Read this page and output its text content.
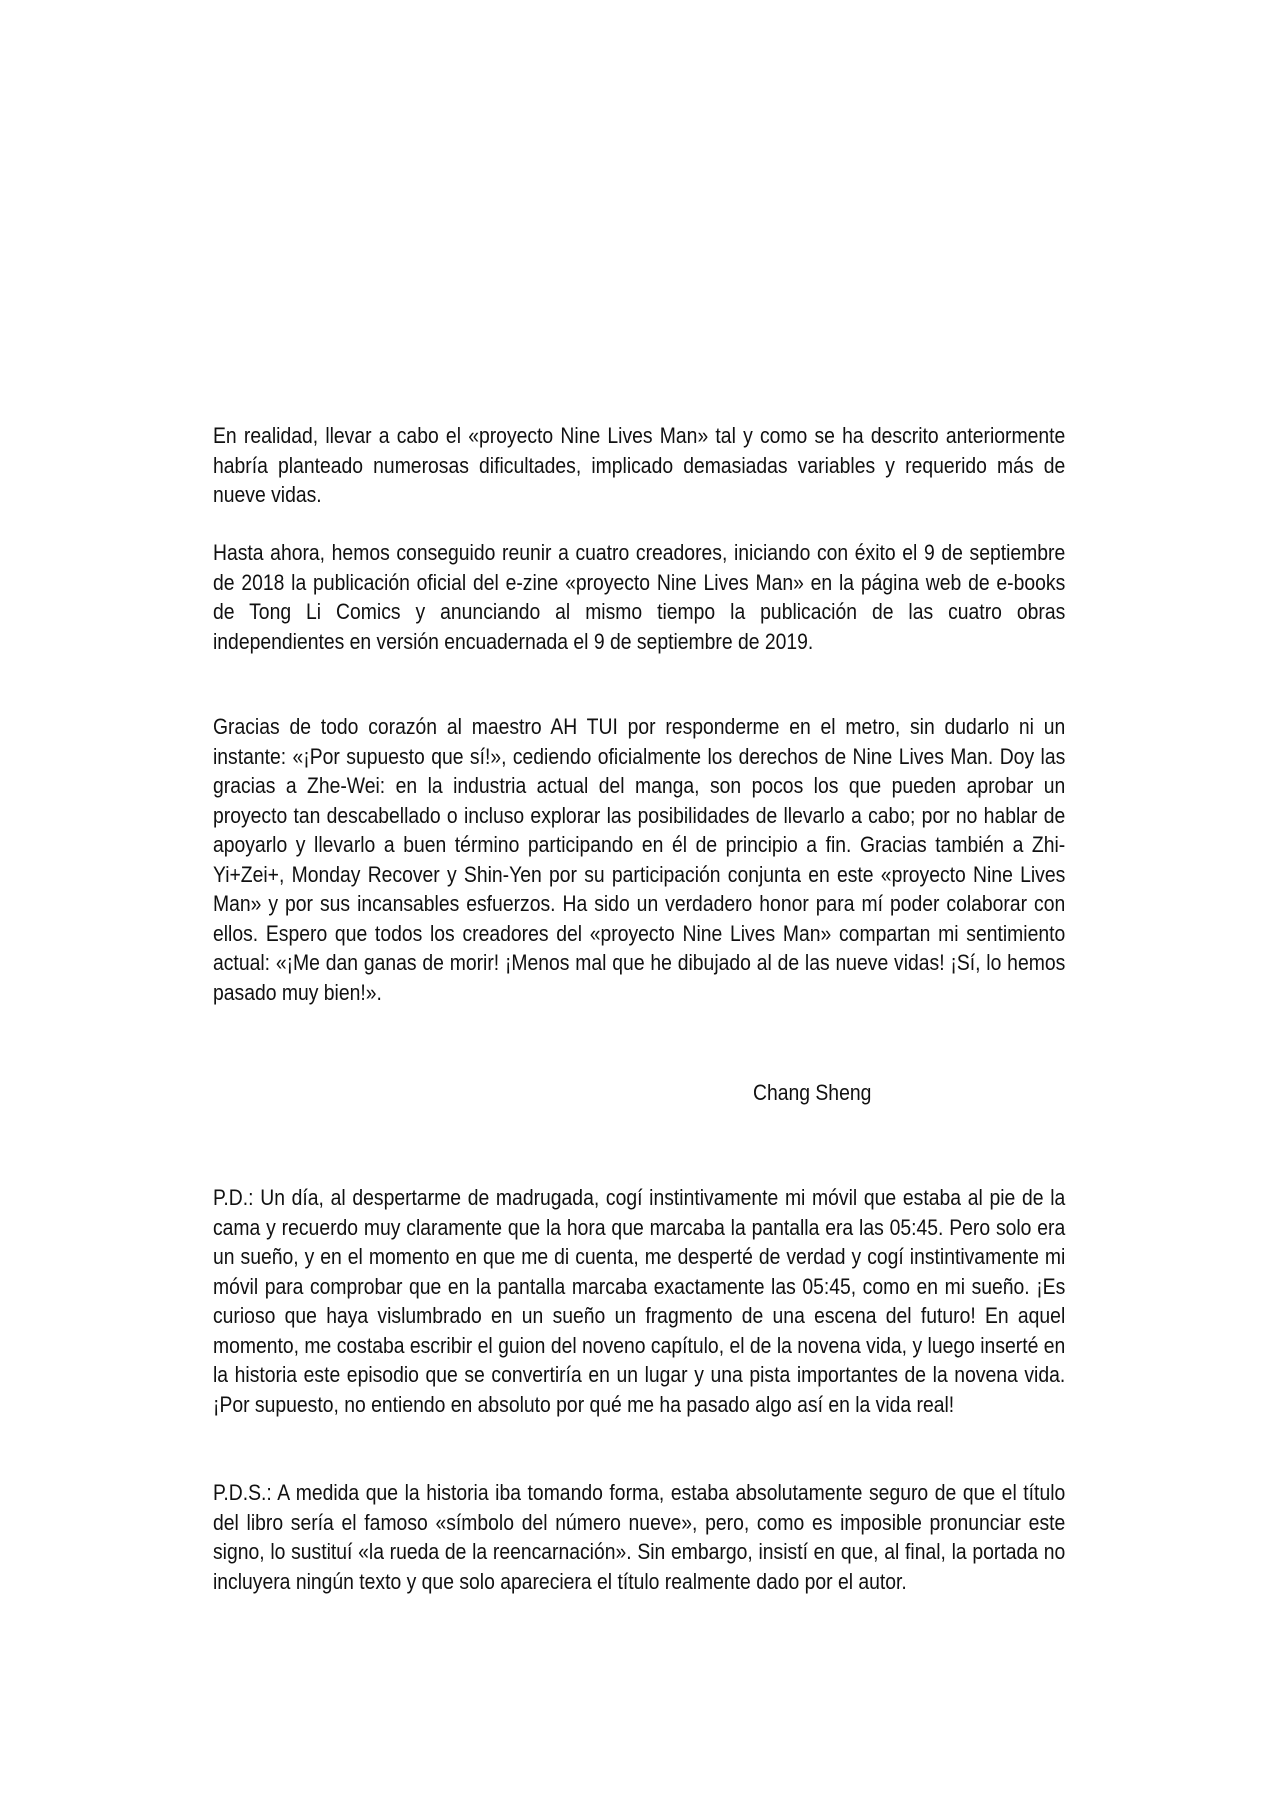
En realidad, llevar a cabo el «proyecto Nine Lives Man» tal y como se ha descrito anteriormente habría planteado numerosas dificultades, implicado demasiadas variables y requerido más de nueve vidas.

Hasta ahora, hemos conseguido reunir a cuatro creadores, iniciando con éxito el 9 de septiembre de 2018 la publicación oficial del e-zine «proyecto Nine Lives Man» en la página web de e-books de Tong Li Comics y anunciando al mismo tiempo la publicación de las cuatro obras independientes en versión encuadernada el 9 de septiembre de 2019.

Gracias de todo corazón al maestro AH TUI por responderme en el metro, sin dudarlo ni un instante: «¡Por supuesto que sí!», cediendo oficialmente los derechos de Nine Lives Man. Doy las gracias a Zhe-Wei: en la industria actual del manga, son pocos los que pueden aprobar un proyecto tan descabellado o incluso explorar las posibilidades de llevarlo a cabo; por no hablar de apoyarlo y llevarlo a buen término participando en él de principio a fin. Gracias también a Zhi-Yi+Zei+, Monday Recover y Shin-Yen por su participación conjunta en este «proyecto Nine Lives Man» y por sus incansables esfuerzos. Ha sido un verdadero honor para mí poder colaborar con ellos. Espero que todos los creadores del «proyecto Nine Lives Man» compartan mi sentimiento actual: «¡Me dan ganas de morir! ¡Menos mal que he dibujado al de las nueve vidas! ¡Sí, lo hemos pasado muy bien!».

Chang Sheng

P.D.: Un día, al despertarme de madrugada, cogí instintivamente mi móvil que estaba al pie de la cama y recuerdo muy claramente que la hora que marcaba la pantalla era las 05:45. Pero solo era un sueño, y en el momento en que me di cuenta, me desperté de verdad y cogí instintivamente mi móvil para comprobar que en la pantalla marcaba exactamente las 05:45, como en mi sueño. ¡Es curioso que haya vislumbrado en un sueño un fragmento de una escena del futuro! En aquel momento, me costaba escribir el guion del noveno capítulo, el de la novena vida, y luego inserté en la historia este episodio que se convertiría en un lugar y una pista importantes de la novena vida. ¡Por supuesto, no entiendo en absoluto por qué me ha pasado algo así en la vida real!

P.D.S.: A medida que la historia iba tomando forma, estaba absolutamente seguro de que el título del libro sería el famoso «símbolo del número nueve», pero, como es imposible pronunciar este signo, lo sustituí «la rueda de la reencarnación». Sin embargo, insistí en que, al final, la portada no incluyera ningún texto y que solo apareciera el título realmente dado por el autor.
